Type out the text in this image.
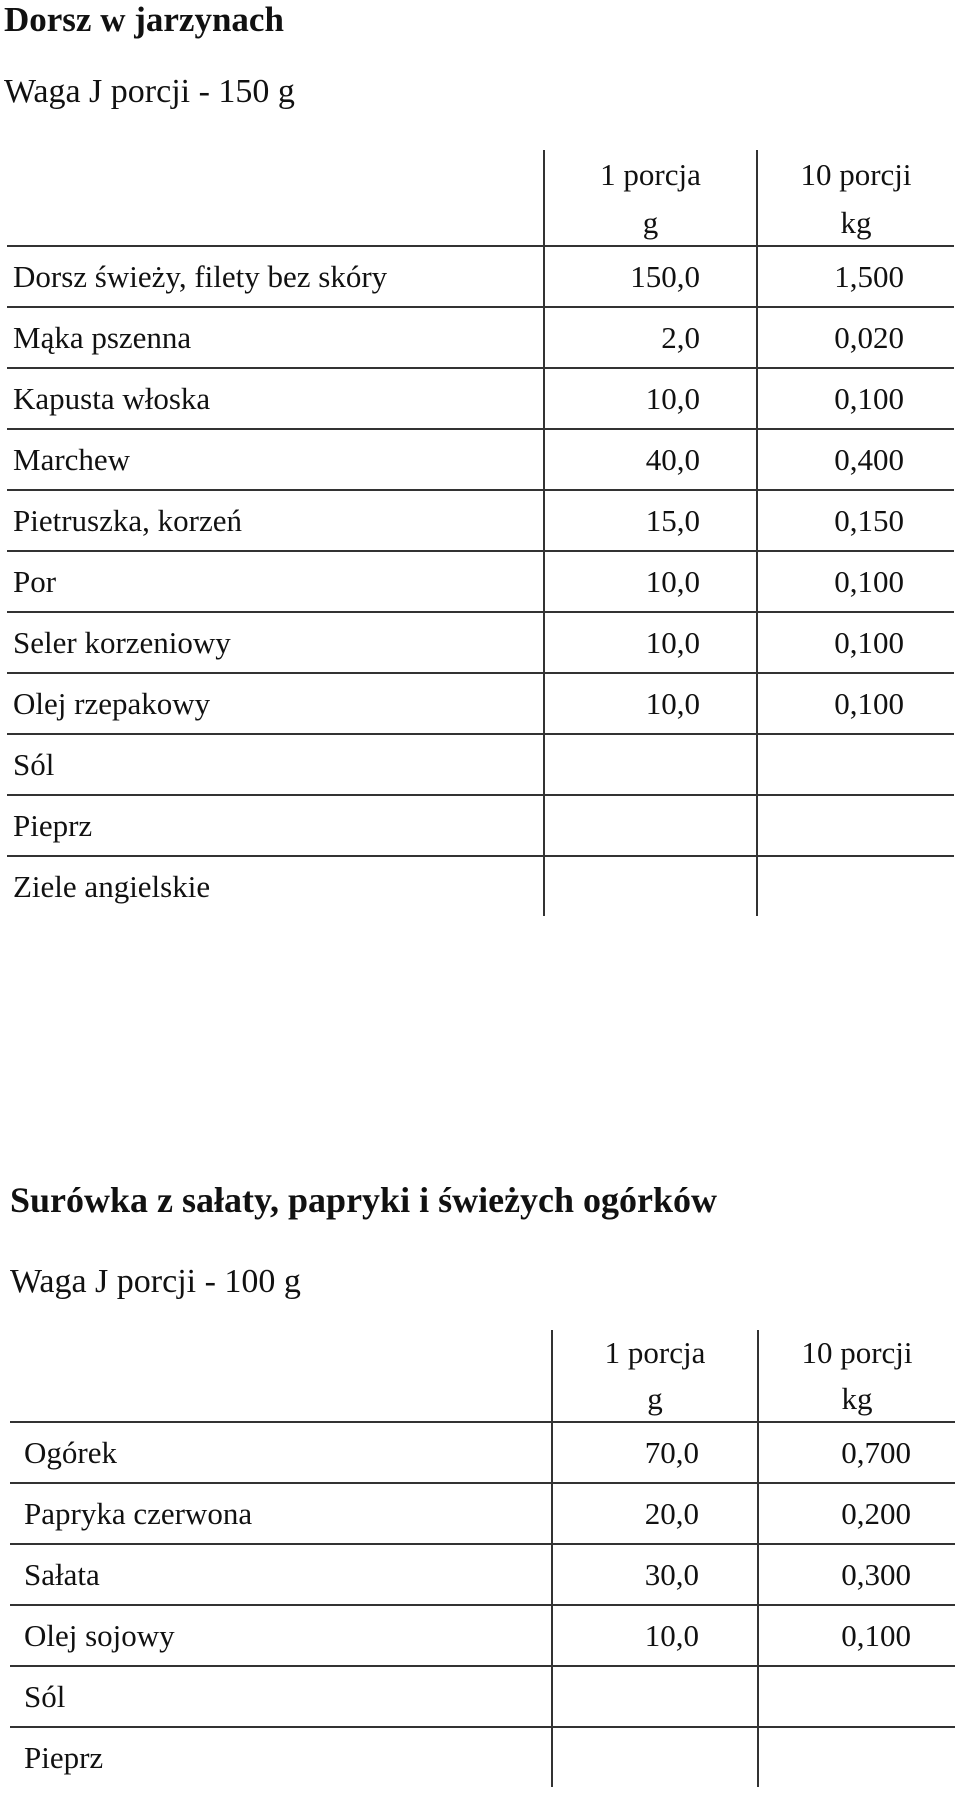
Dorsz w jarzynach
Waga J porcji - 150 g
	1 porcja	10 porcji
	g	kg
Dorsz świeży, filety bez skóry	150,0	1,500
Mąka pszenna	2,0	0,020
Kapusta włoska	10,0	0,100
Marchew	40,0	0,400
Pietruszka, korzeń	15,0	0,150
Por	10,0	0,100
Seler korzeniowy	10,0	0,100
Olej rzepakowy	10,0	0,100
Sól		
Pieprz		
Ziele angielskie		
Surówka z sałaty, papryki i świeżych ogórków
Waga J porcji - 100 g
	1 porcja	10 porcji
	g	kg
Ogórek	70,0	0,700
Papryka czerwona	20,0	0,200
Sałata	30,0	0,300
Olej sojowy	10,0	0,100
Sól		
Pieprz		
